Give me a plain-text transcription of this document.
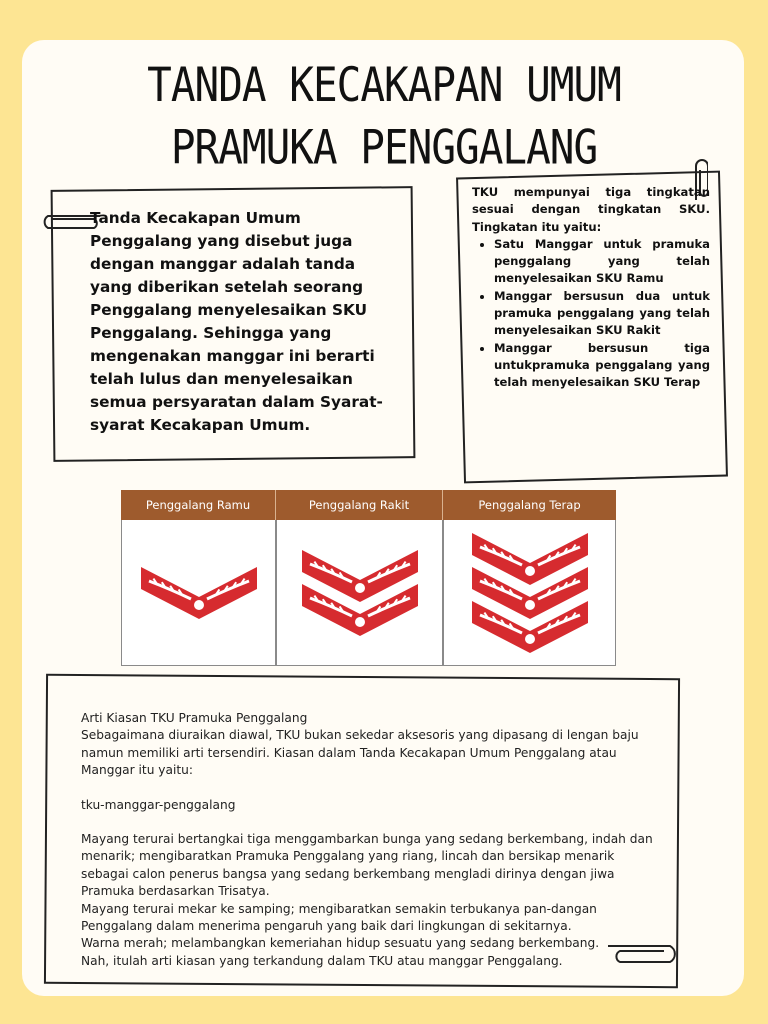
TANDA KECAKAPAN UMUM
PRAMUKA PENGGALANG
Tanda Kecakapan Umum Penggalang yang disebut juga dengan manggar adalah tanda yang diberikan setelah seorang Penggalang menyelesaikan SKU Penggalang. Sehingga yang mengenakan manggar ini berarti telah lulus dan menyelesaikan semua persyaratan dalam Syarat-syarat Kecakapan Umum.
TKU mempunyai tiga tingkatan sesuai dengan tingkatan SKU. Tingkatan itu yaitu:
• Satu Manggar untuk pramuka penggalang yang telah menyelesaikan SKU Ramu
• Manggar bersusun dua untuk pramuka penggalang yang telah menyelesaikan SKU Rakit
• Manggar bersusun tiga untukpramuka penggalang yang telah menyelesaikan SKU Terap
Penggalang Ramu	Penggalang Rakit	Penggalang Terap

Arti Kiasan TKU Pramuka Penggalang

Sebagaimana diuraikan diawal, TKU bukan sekedar aksesoris yang dipasang di lengan baju namun memiliki arti tersendiri. Kiasan dalam Tanda Kecakapan Umum Penggalang atau Manggar itu yaitu:

tku-manggar-penggalang

Mayang terurai bertangkai tiga menggambarkan bunga yang sedang berkembang, indah dan menarik; mengibaratkan Pramuka Penggalang yang riang, lincah dan bersikap menarik sebagai calon penerus bangsa yang sedang berkembang mengladi dirinya dengan jiwa Pramuka berdasarkan Trisatya.

Mayang terurai mekar ke samping; mengibaratkan semakin terbukanya pan-dangan Penggalang dalam menerima pengaruh yang baik dari lingkungan di sekitarnya.

Warna merah; melambangkan kemeriahan hidup sesuatu yang sedang berkembang.

Nah, itulah arti kiasan yang terkandung dalam TKU atau manggar Penggalang.
